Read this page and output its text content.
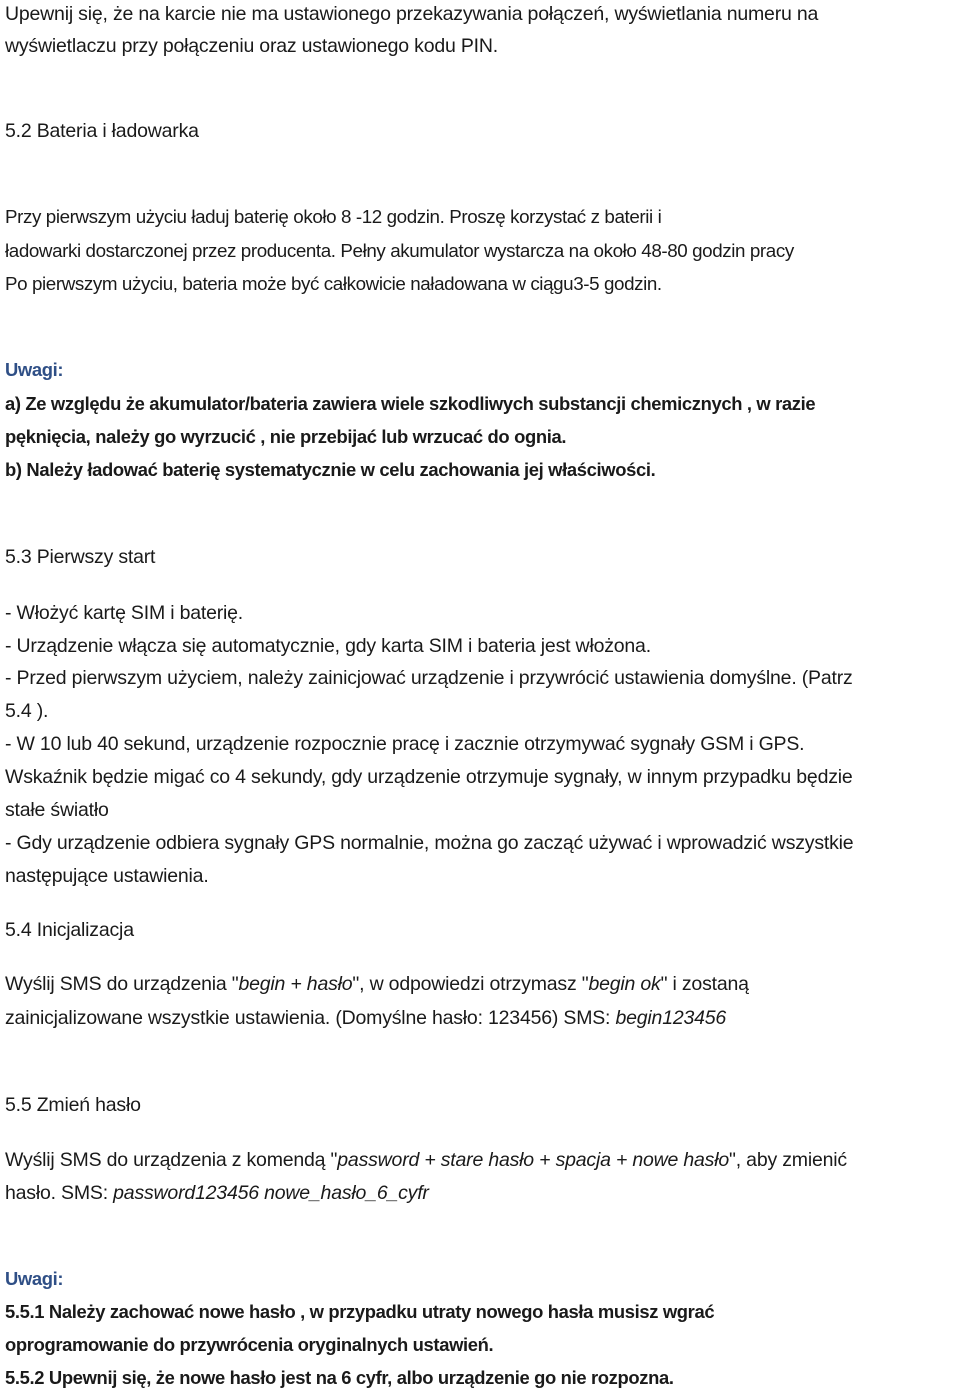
Upewnij się, że na karcie nie ma ustawionego przekazywania połączeń, wyświetlania numeru na

wyświetlaczu przy połączeniu oraz ustawionego kodu PIN.

5.2 Bateria i ładowarka

Przy pierwszym użyciu ładuj baterię około 8 -12 godzin. Proszę korzystać z baterii i

ładowarki dostarczonej przez producenta. Pełny akumulator wystarcza na około 48-80 godzin pracy

Po pierwszym użyciu, bateria może być całkowicie naładowana w ciągu3-5 godzin.

Uwagi:

a) Ze względu że akumulator/bateria zawiera wiele szkodliwych substancji chemicznych , w razie

pęknięcia, należy go wyrzucić , nie przebijać lub wrzucać do ognia.

b) Należy ładować baterię systematycznie w celu zachowania jej właściwości.

5.3 Pierwszy start

- Włożyć kartę SIM i baterię.

- Urządzenie włącza się automatycznie, gdy karta SIM i bateria jest włożona.

- Przed pierwszym użyciem, należy zainicjować urządzenie i przywrócić ustawienia domyślne. (Patrz

5.4 ).

- W 10 lub 40 sekund, urządzenie rozpocznie pracę i zacznie otrzymywać sygnały GSM i GPS.

Wskaźnik będzie migać co 4 sekundy, gdy urządzenie otrzymuje sygnały, w innym przypadku będzie

stałe światło

- Gdy urządzenie odbiera sygnały GPS normalnie, można go zacząć używać i wprowadzić wszystkie

następujące ustawienia.

5.4 Inicjalizacja

Wyślij SMS do urządzenia "begin + hasło", w odpowiedzi otrzymasz "begin ok" i zostaną

zainicjalizowane wszystkie ustawienia. (Domyślne hasło: 123456) SMS: begin123456

5.5 Zmień hasło

Wyślij SMS do urządzenia z komendą "password + stare hasło + spacja + nowe hasło", aby zmienić

hasło. SMS: password123456 nowe_hasło_6_cyfr

Uwagi:

5.5.1 Należy zachować nowe hasło , w przypadku utraty nowego hasła musisz wgrać

oprogramowanie do przywrócenia oryginalnych ustawień.

5.5.2 Upewnij się, że nowe hasło jest na 6 cyfr, albo urządzenie go nie rozpozna.
